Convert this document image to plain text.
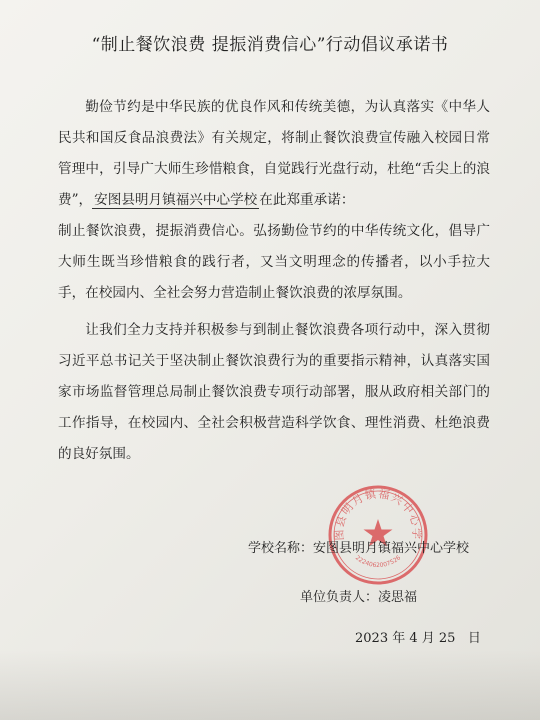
“制止餐饮浪费 提振消费信心”行动倡议承诺书

勤俭节约是中华民族的优良作风和传统美德，为认真落实《中华人民共和国反食品浪费法》有关规定，将制止餐饮浪费宣传融入校园日常管理中，引导广大师生珍惜粮食，自觉践行光盘行动，杜绝“舌尖上的浪费”， 安图县明月镇福兴中心学校 在此郑重承诺：

制止餐饮浪费，提振消费信心。弘扬勤俭节约的中华传统文化，倡导广大师生既当珍惜粮食的践行者，又当文明理念的传播者，以小手拉大手，在校园内、全社会努力营造制止餐饮浪费的浓厚氛围。

让我们全力支持并积极参与到制止餐饮浪费各项行动中，深入贯彻习近平总书记关于坚决制止餐饮浪费行为的重要指示精神，认真落实国家市场监督管理总局制止餐饮浪费专项行动部署，服从政府相关部门的工作指导，在校园内、全社会积极营造科学饮食、理性消费、杜绝浪费的良好氛围。

图县明月镇福兴中心学
2224062007526
学校名称：安图县明月镇福兴中心学校
单位负责人：凌思福
2023 年 4 月 25   日
